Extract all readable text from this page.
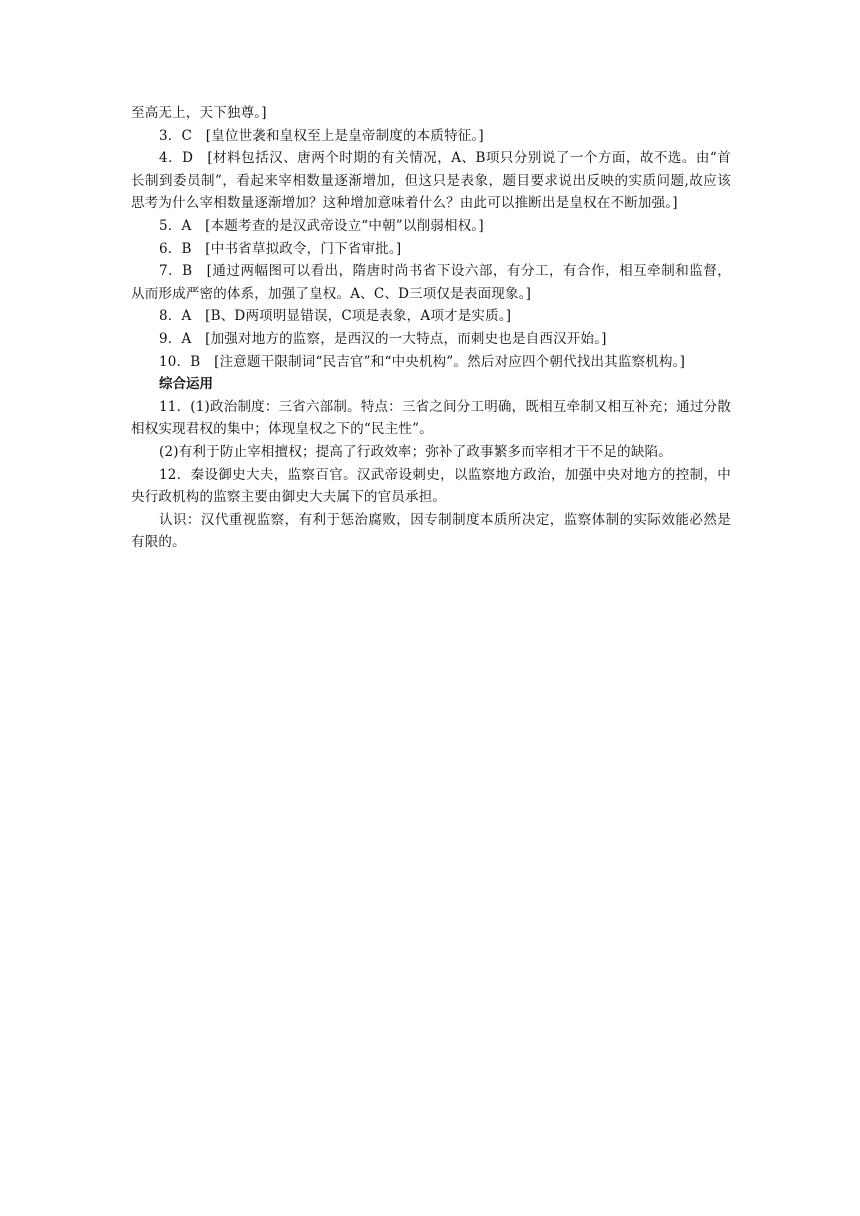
至高无上，天下独尊。]

3．C　[皇位世袭和皇权至上是皇帝制度的本质特征。]

4．D　[材料包括汉、唐两个时期的有关情况，A、B项只分别说了一个方面，故不选。由“首长制到委员制”，看起来宰相数量逐渐增加，但这只是表象，题目要求说出反映的实质问题,故应该思考为什么宰相数量逐渐增加？这种增加意味着什么？由此可以推断出是皇权在不断加强。]

5．A　[本题考查的是汉武帝设立“中朝”以削弱相权。]

6．B　[中书省草拟政令，门下省审批。]

7．B　[通过两幅图可以看出，隋唐时尚书省下设六部，有分工，有合作，相互牵制和监督，从而形成严密的体系，加强了皇权。A、C、D三项仅是表面现象。]

8．A　[B、D两项明显错误，C项是表象，A项才是实质。]

9．A　[加强对地方的监察，是西汉的一大特点，而刺史也是自西汉开始。]

10．B　[注意题干限制词“民吉官”和“中央机构”。然后对应四个朝代找出其监察机构。]

综合运用

11．(1)政治制度：三省六部制。特点：三省之间分工明确，既相互牵制又相互补充；通过分散相权实现君权的集中；体现皇权之下的“民主性”。

(2)有利于防止宰相擅权；提高了行政效率；弥补了政事繁多而宰相才干不足的缺陷。

12．秦设御史大夫，监察百官。汉武帝设刺史，以监察地方政治，加强中央对地方的控制，中央行政机构的监察主要由御史大夫属下的官员承担。

认识：汉代重视监察，有利于惩治腐败，因专制制度本质所决定，监察体制的实际效能必然是有限的。
